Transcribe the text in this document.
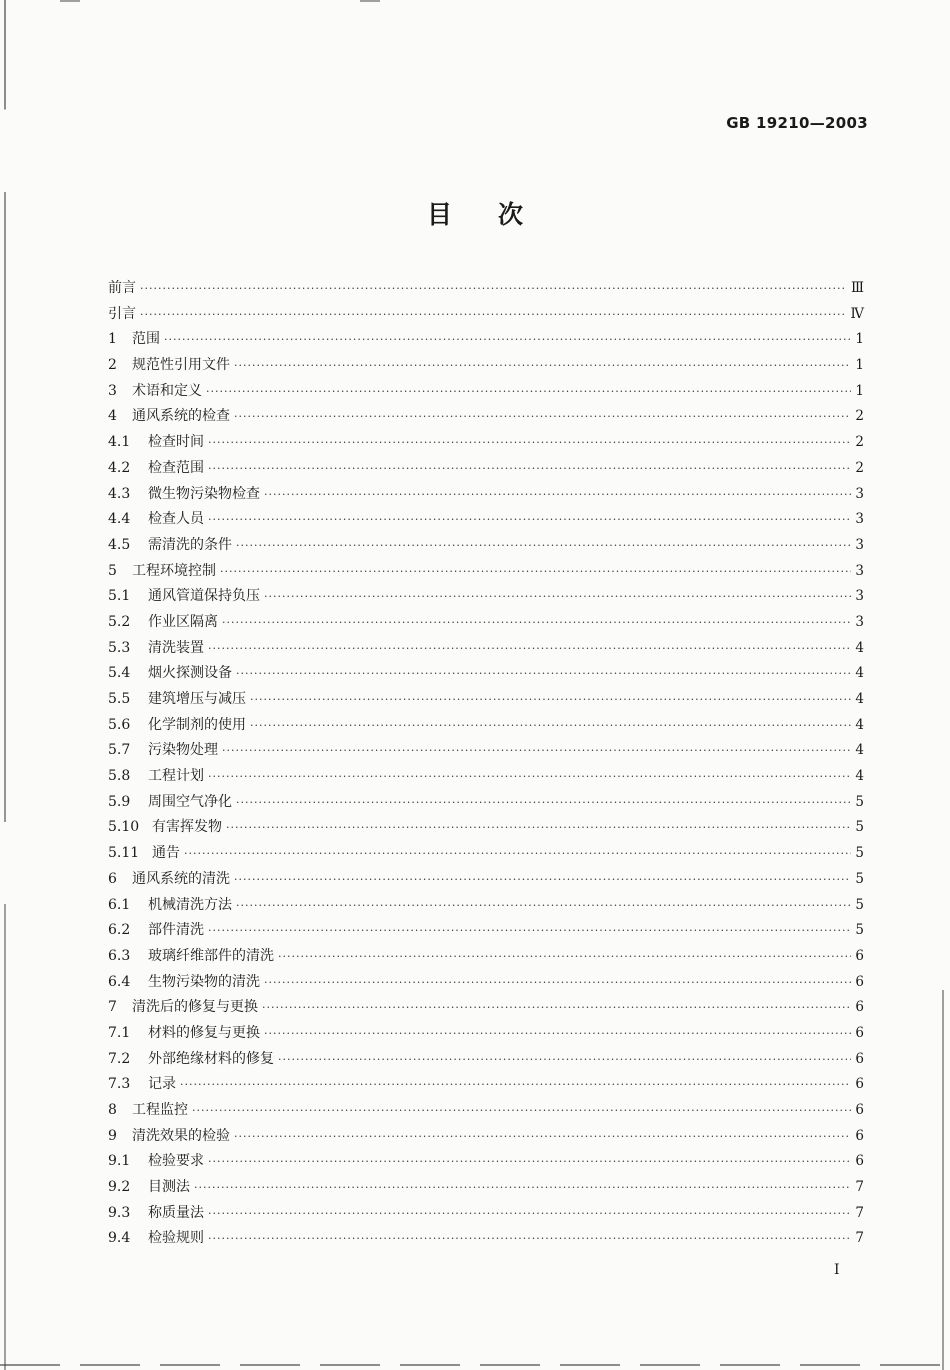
GB 19210—2003
目次
前言 ·····	Ⅲ
引言 ·····	Ⅳ
1	范围 ·····	1
2	规范性引用文件 ·····	1
3	术语和定义 ·····	1
4	通风系统的检查 ·····	2
4.1	检查时间 ·····	2
4.2	检查范围 ·····	2
4.3	微生物污染物检查 ·····	3
4.4	检查人员 ·····	3
4.5	需清洗的条件 ·····	3
5	工程环境控制 ·····	3
5.1	通风管道保持负压 ·····	3
5.2	作业区隔离 ·····	3
5.3	清洗装置 ·····	4
5.4	烟火探测设备 ·····	4
5.5	建筑增压与减压 ·····	4
5.6	化学制剂的使用 ·····	4
5.7	污染物处理 ·····	4
5.8	工程计划 ·····	4
5.9	周围空气净化 ·····	5
5.10 有害挥发物 ·····	5
5.11 通告 ·····	5
6	通风系统的清洗 ·····	5
6.1	机械清洗方法 ·····	5
6.2	部件清洗 ·····	5
6.3	玻璃纤维部件的清洗 ·····	6
6.4	生物污染物的清洗 ·····	6
7	清洗后的修复与更换 ·····	6
7.1	材料的修复与更换 ·····	6
7.2	外部绝缘材料的修复 ·····	6
7.3	记录 ·····	6
8	工程监控 ·····	6
9	清洗效果的检验 ·····	6
9.1	检验要求 ·····	6
9.2	目测法 ·····	7
9.3	称质量法 ·····	7
9.4	检验规则 ·····	7
I
